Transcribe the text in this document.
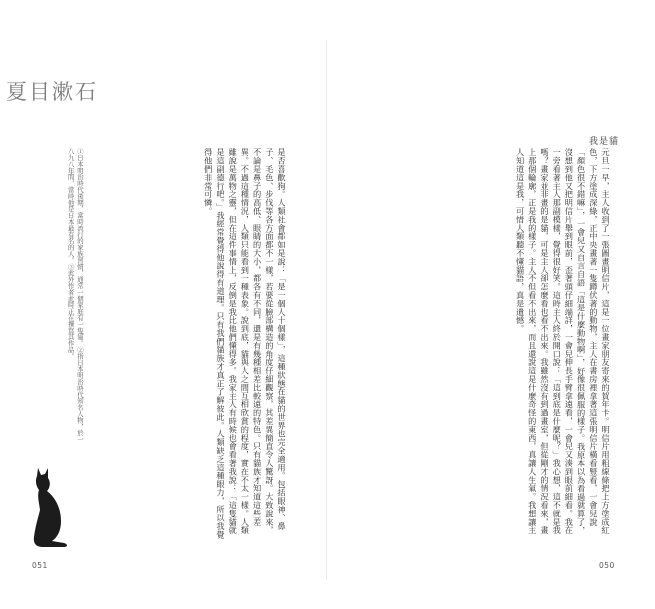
夏目漱石
是否喜歡狗。人類社會都如是說：「是一個人十個樣」，這種狀態在貓的世界也完全適用。包括眼神、鼻子、毛色、步伐等各方面都不一樣，若要從臉部構造的角度仔細觀察，其差異簡直令人驚訝。大致說來，不論是鼻子的高低、眼睛的大小，都各有不同，還是有幾種相差比較遠的特色。只有貓族才知道這些差異。不過這種情況，人類只能看到一種表象。說到底，貓與人之間互相欣賞的程度，實在不太一樣。人類雖說是萬物之靈，但在這件事情上，反倒是我比他們懂得多。我家主人有時候也會看著我說：「這隻貓就是這副德行吧。」我經常覺得他說得有道理。只有我們貓族才真正了解彼此。人類缺乏這種眼力，所以我覺得他們非常可憐。
①日本明治時代後期，當時流行的家族習慣，通常一個家庭有一隻貓。②指日本明治時代知名人物，於一八九八年間，當時他是日本最有名的人。③此外作者此時正在撰寫其作品。
051
我是貓
元旦一早，主人收到了一張圖畫明信片，這是一位畫家朋友寄來的賀年卡。明信片用粗線條把上方塗成紅色，下方塗成深綠，正中央畫著一隻蹲伏著的動物，主人在書房裡拿著這張明信片橫看豎看，一會兒說「顏色很不錯嘛」，一會兒又自言自語「這是什麼動物啊」，好像很佩服的樣子。我原本以為看過就算了，沒想到他又把明信片舉到眼前，歪著頭仔細端詳，一會兒伸長手臂拿遠看，一會兒又湊到眼前細看。我在一旁看著主人那副模樣，覺得很好笑。這時主人終於開口說：「這到底是什麼呢？」我心想，這不就是我嗎？畫家並非畫的是貓，可是主人卻怎麼看也看不出來。我雖然沒有到過畫室，但從剛才的情況看來，畫上那個輪廓，正是我的樣子。主人不但看不出來，而且還說這是什麼奇怪的東西，真讓人生氣。我想讓主人知道這是我，可惜人類聽不懂貓語，真是遺憾。
050
